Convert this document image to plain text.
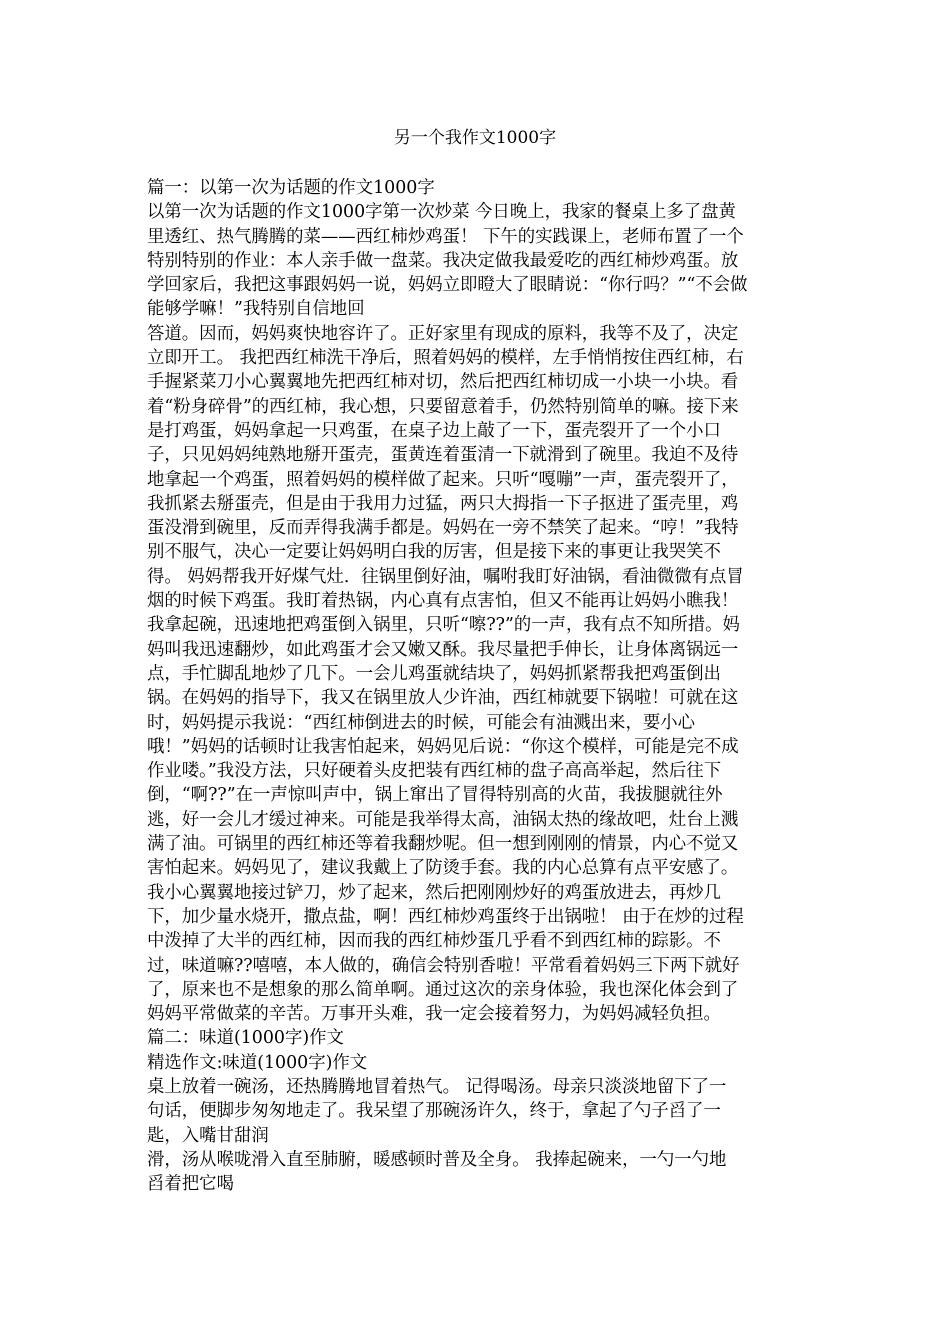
另一个我作文1000字
篇一：以第一次为话题的作文1000字
以第一次为话题的作文1000字第一次炒菜 今日晚上，我家的餐桌上多了盘黄
里透红、热气腾腾的菜——西红柿炒鸡蛋！ 下午的实践课上，老师布置了一个
特别特别的作业：本人亲手做一盘菜。我决定做我最爱吃的西红柿炒鸡蛋。放
学回家后，我把这事跟妈妈一说，妈妈立即瞪大了眼睛说：“你行吗？”“不会做
能够学嘛！”我特别自信地回
答道。因而，妈妈爽快地容许了。正好家里有现成的原料，我等不及了，决定
立即开工。 我把西红柿洗干净后，照着妈妈的模样，左手悄悄按住西红柿，右
手握紧菜刀小心翼翼地先把西红柿对切，然后把西红柿切成一小块一小块。看
着“粉身碎骨”的西红柿，我心想，只要留意着手，仍然特别简单的嘛。接下来
是打鸡蛋，妈妈拿起一只鸡蛋，在桌子边上敲了一下，蛋壳裂开了一个小口
子，只见妈妈纯熟地掰开蛋壳，蛋黄连着蛋清一下就滑到了碗里。我迫不及待
地拿起一个鸡蛋，照着妈妈的模样做了起来。只听“嘎嘣”一声，蛋壳裂开了，
我抓紧去掰蛋壳，但是由于我用力过猛，两只大拇指一下子抠进了蛋壳里，鸡
蛋没滑到碗里，反而弄得我满手都是。妈妈在一旁不禁笑了起来。“哼！”我特
别不服气，决心一定要让妈妈明白我的厉害，但是接下来的事更让我哭笑不
得。 妈妈帮我开好煤气灶．往锅里倒好油，嘱咐我盯好油锅，看油微微有点冒
烟的时候下鸡蛋。我盯着热锅，内心真有点害怕，但又不能再让妈妈小瞧我！
我拿起碗，迅速地把鸡蛋倒入锅里，只听“嚓??”的一声，我有点不知所措。妈
妈叫我迅速翻炒，如此鸡蛋才会又嫩又酥。我尽量把手伸长，让身体离锅远一
点，手忙脚乱地炒了几下。一会儿鸡蛋就结块了，妈妈抓紧帮我把鸡蛋倒出
锅。在妈妈的指导下，我又在锅里放人少许油，西红柿就要下锅啦！可就在这
时，妈妈提示我说：“西红柿倒进去的时候，可能会有油溅出来，要小心
哦！”妈妈的话顿时让我害怕起来，妈妈见后说：“你这个模样，可能是完不成
作业喽。”我没方法，只好硬着头皮把装有西红柿的盘子高高举起，然后往下
倒，“啊??”在一声惊叫声中，锅上窜出了冒得特别高的火苗，我拔腿就往外
逃，好一会儿才缓过神来。可能是我举得太高，油锅太热的缘故吧，灶台上溅
满了油。可锅里的西红柿还等着我翻炒呢。但一想到刚刚的情景，内心不觉又
害怕起来。妈妈见了，建议我戴上了防烫手套。我的内心总算有点平安感了。
我小心翼翼地接过铲刀，炒了起来，然后把刚刚炒好的鸡蛋放进去，再炒几
下，加少量水烧开，撒点盐，啊！西红柿炒鸡蛋终于出锅啦！ 由于在炒的过程
中泼掉了大半的西红柿，因而我的西红柿炒蛋几乎看不到西红柿的踪影。不
过，味道嘛??嘻嘻，本人做的，确信会特别香啦！平常看着妈妈三下两下就好
了，原来也不是想象的那么简单啊。通过这次的亲身体验，我也深化体会到了
妈妈平常做菜的辛苦。万事开头难，我一定会接着努力，为妈妈减轻负担。
篇二：味道(1000字)作文
精选作文:味道(1000字)作文
桌上放着一碗汤，还热腾腾地冒着热气。 记得喝汤。母亲只淡淡地留下了一
句话，便脚步匆匆地走了。我呆望了那碗汤许久，终于，拿起了勺子舀了一
匙，入嘴甘甜润
滑，汤从喉咙滑入直至肺腑，暖感顿时普及全身。 我捧起碗来，一勺一勺地
舀着把它喝
